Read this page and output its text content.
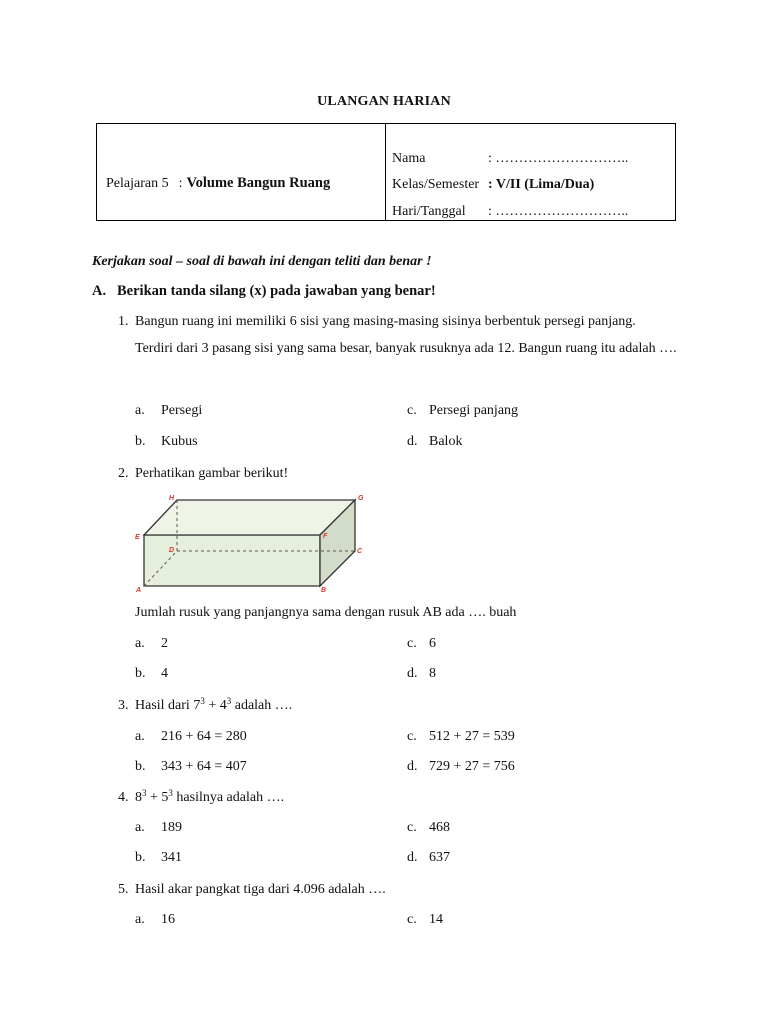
ULANGAN HARIAN
Pelajaran 5 : Volume Bangun Ruang
Nama	: ………………………..
Kelas/Semester : V/II (Lima/Dua)
Hari/Tanggal : ………………………..
Kerjakan soal – soal di bawah ini dengan teliti dan benar !
A. Berikan tanda silang (x) pada jawaban yang benar!
1. Bangun ruang ini memiliki 6 sisi yang masing-masing sisinya berbentuk persegi panjang.
Terdiri dari 3 pasang sisi yang sama besar, banyak rusuknya ada 12. Bangun ruang itu adalah ….
a. Persegi	c. Persegi panjang
b. Kubus	d. Balok
2. Perhatikan gambar berikut!
H	G
E	F
D	C
A	B
Jumlah rusuk yang panjangnya sama dengan rusuk AB ada …. buah
a. 2	c. 6
b. 4	d. 8
3. Hasil dari $7^3 + 4^3$ adalah ….
a. 216 + 64 = 280	c. 512 + 27 = 539
b. 343 + 64 = 407	d. 729 + 27 = 756
4. $8^3 + 5^3$ hasilnya adalah ….
a. 189	c. 468
b. 341	d. 637
5. Hasil akar pangkat tiga dari 4.096 adalah ….
a. 16	c. 14
